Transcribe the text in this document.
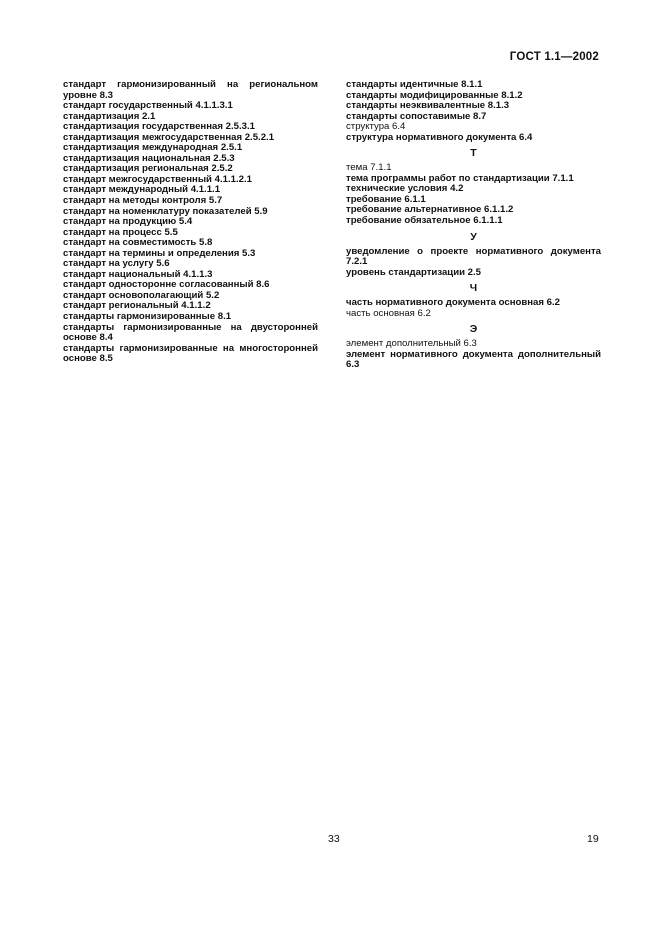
ГОСТ 1.1—2002
стандарт гармонизированный на региональном уровне 8.3
стандарт государственный 4.1.1.3.1
стандартизация 2.1
стандартизация государственная 2.5.3.1
стандартизация межгосударственная 2.5.2.1
стандартизация международная 2.5.1
стандартизация национальная 2.5.3
стандартизация региональная 2.5.2
стандарт межгосударственный 4.1.1.2.1
стандарт международный 4.1.1.1
стандарт на методы контроля 5.7
стандарт на номенклатуру показателей 5.9
стандарт на продукцию 5.4
стандарт на процесс 5.5
стандарт на совместимость 5.8
стандарт на термины и определения 5.3
стандарт на услугу 5.6
стандарт национальный 4.1.1.3
стандарт односторонне согласованный 8.6
стандарт основополагающий 5.2
стандарт региональный 4.1.1.2
стандарты гармонизированные 8.1
стандарты гармонизированные на двусторонней основе 8.4
стандарты гармонизированные на многосторонней основе 8.5
стандарты идентичные 8.1.1
стандарты модифицированные 8.1.2
стандарты неэквивалентные 8.1.3
стандарты сопоставимые 8.7
структура 6.4
структура нормативного документа 6.4
Т
тема 7.1.1
тема программы работ по стандартизации 7.1.1
технические условия 4.2
требование 6.1.1
требование альтернативное 6.1.1.2
требование обязательное 6.1.1.1
У
уведомление о проекте нормативного документа 7.2.1
уровень стандартизации 2.5
Ч
часть нормативного документа основная 6.2
часть основная 6.2
Э
элемент дополнительный 6.3
элемент нормативного документа дополнительный 6.3
33	19
